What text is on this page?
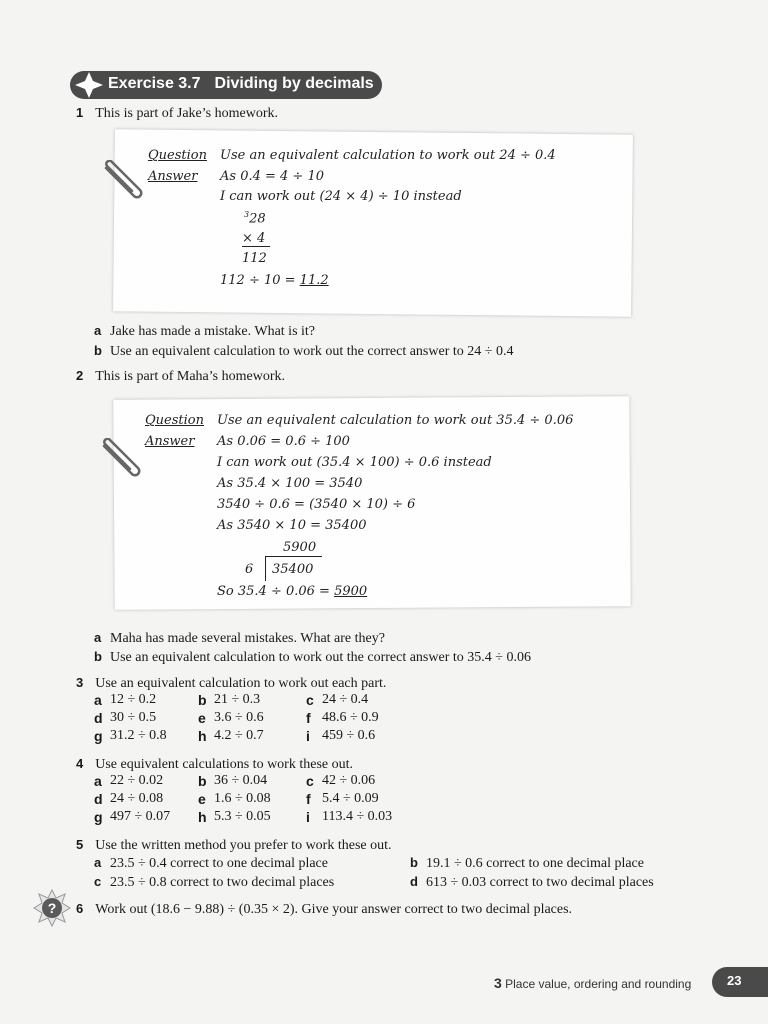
Exercise 3.7 Dividing by decimals
1 This is part of Jake’s homework.
Question Use an equivalent calculation to work out 24 ÷ 0.4
Answer As 0.4 = 4 ÷ 10
I can work out (24 × 4) ÷ 10 instead
$^3$28
× 4
112
112 ÷ 10 = 11.2
a Jake has made a mistake. What is it?
b Use an equivalent calculation to work out the correct answer to 24 ÷ 0.4
2 This is part of Maha’s homework.
Question Use an equivalent calculation to work out 35.4 ÷ 0.06
Answer As 0.06 = 0.6 ÷ 100
I can work out (35.4 × 100) ÷ 0.6 instead
As 35.4 × 100 = 3540
3540 ÷ 0.6 = (3540 × 10) ÷ 6
As 3540 × 10 = 35400
5900
6 35400
So 35.4 ÷ 0.06 = 5900
a Maha has made several mistakes. What are they?
b Use an equivalent calculation to work out the correct answer to 35.4 ÷ 0.06
3 Use an equivalent calculation to work out each part.
a 12 ÷ 0.2	b 21 ÷ 0.3	c 24 ÷ 0.4
d 30 ÷ 0.5	e 3.6 ÷ 0.6	f 48.6 ÷ 0.9
g 31.2 ÷ 0.8	h 4.2 ÷ 0.7	i 459 ÷ 0.6
4 Use equivalent calculations to work these out.
a 22 ÷ 0.02	b 36 ÷ 0.04	c 42 ÷ 0.06
d 24 ÷ 0.08	e 1.6 ÷ 0.08	f 5.4 ÷ 0.09
g 497 ÷ 0.07	h 5.3 ÷ 0.05	i 113.4 ÷ 0.03
5 Use the written method you prefer to work these out.
a 23.5 ÷ 0.4 correct to one decimal place	b 19.1 ÷ 0.6 correct to one decimal place
c 23.5 ÷ 0.8 correct to two decimal places	d 613 ÷ 0.03 correct to two decimal places
? 6 Work out (18.6 − 9.88) ÷ (0.35 × 2). Give your answer correct to two decimal places.
3 Place value, ordering and rounding	23
